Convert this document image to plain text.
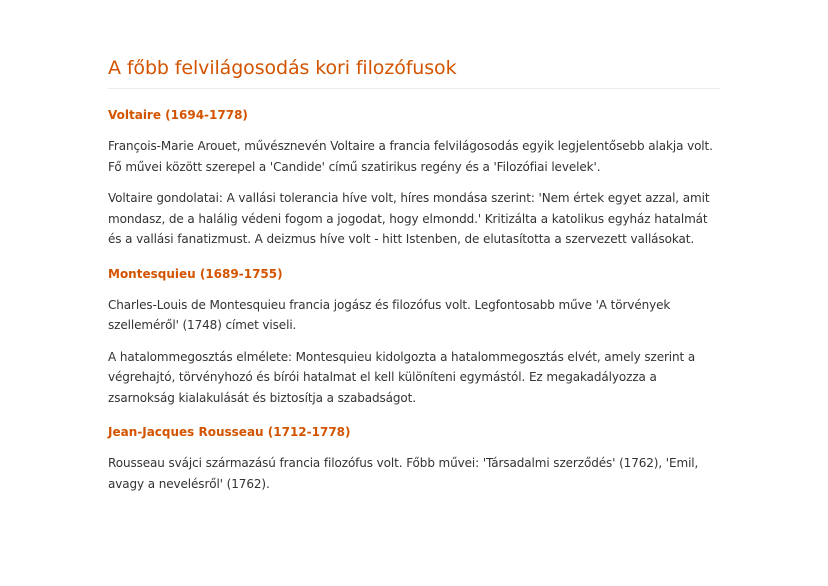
A főbb felvilágosodás kori filozófusok
Voltaire (1694-1778)

François-Marie Arouet, művésznevén Voltaire a francia felvilágosodás egyik legjelentősebb alakja volt. Fő művei között szerepel a 'Candide' című szatirikus regény és a 'Filozófiai levelek'.

Voltaire gondolatai: A vallási tolerancia híve volt, híres mondása szerint: 'Nem értek egyet azzal, amit mondasz, de a halálig védeni fogom a jogodat, hogy elmondd.' Kritizálta a katolikus egyház hatalmát és a vallási fanatizmust. A deizmus híve volt - hitt Istenben, de elutasította a szervezett vallásokat.

Montesquieu (1689-1755)

Charles-Louis de Montesquieu francia jogász és filozófus volt. Legfontosabb műve 'A törvények szelleméről' (1748) címet viseli.

A hatalommegosztás elmélete: Montesquieu kidolgozta a hatalommegosztás elvét, amely szerint a végrehajtó, törvényhozó és bírói hatalmat el kell különíteni egymástól. Ez megakadályozza a zsarnokság kialakulását és biztosítja a szabadságot.

Jean-Jacques Rousseau (1712-1778)

Rousseau svájci származású francia filozófus volt. Főbb művei: 'Társadalmi szerződés' (1762), 'Emil, avagy a nevelésről' (1762).
